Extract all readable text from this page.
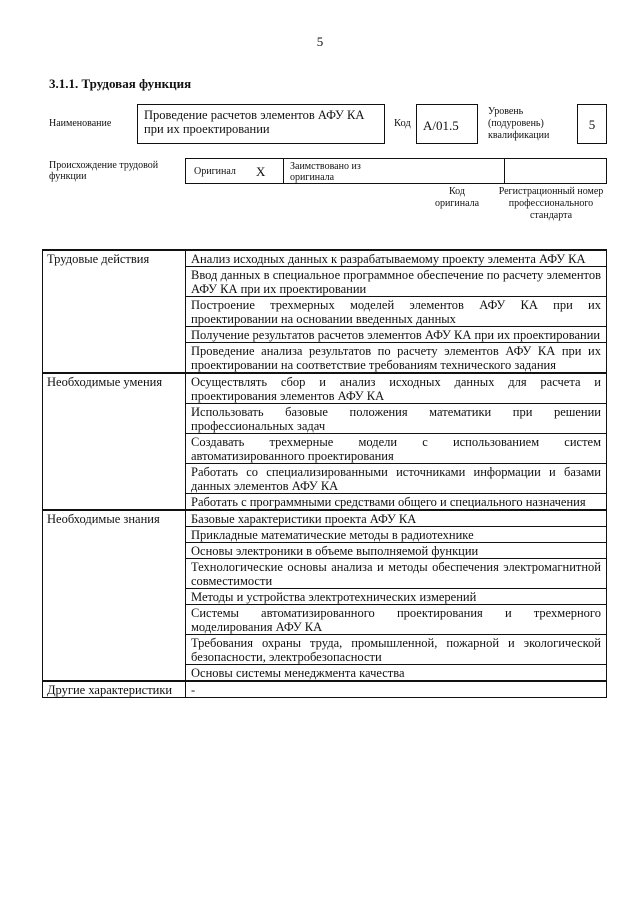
5
3.1.1. Трудовая функция
Наименование
Проведение расчетов элементов АФУ КА при их проектировании	Код A/01.5
Уровень (подуровень) квалификации
5
Происхождение трудовой функции	Оригинал X Заимствовано из оригинала
Код оригинала
Регистрационный номер профессионального стандарта
Трудовые действия	Анализ исходных данных к разрабатываемому проекту элемента АФУ КА
	Ввод данных в специальное программное обеспечение по расчету элементов АФУ КА при их проектировании
	Построение трехмерных моделей элементов АФУ КА при их проектировании на основании введенных данных
	Получение результатов расчетов элементов АФУ КА при их проектировании
	Проведение анализа результатов по расчету элементов АФУ КА при их проектировании на соответствие требованиям технического задания
Необходимые умения	Осуществлять сбор и анализ исходных данных для расчета и проектирования элементов АФУ КА
	Использовать базовые положения математики при решении профессиональных задач
	Создавать трехмерные модели с использованием систем автоматизированного проектирования
	Работать со специализированными источниками информации и базами данных элементов АФУ КА
	Работать с программными средствами общего и специального назначения
Необходимые знания	Базовые характеристики проекта АФУ КА
	Прикладные математические методы в радиотехнике
	Основы электроники в объеме выполняемой функции
	Технологические основы анализа и методы обеспечения электромагнитной совместимости
	Методы и устройства электротехнических измерений
	Системы автоматизированного проектирования и трехмерного моделирования АФУ КА
	Требования охраны труда, промышленной, пожарной и экологической безопасности, электробезопасности
	Основы системы менеджмента качества
Другие характеристики	-
